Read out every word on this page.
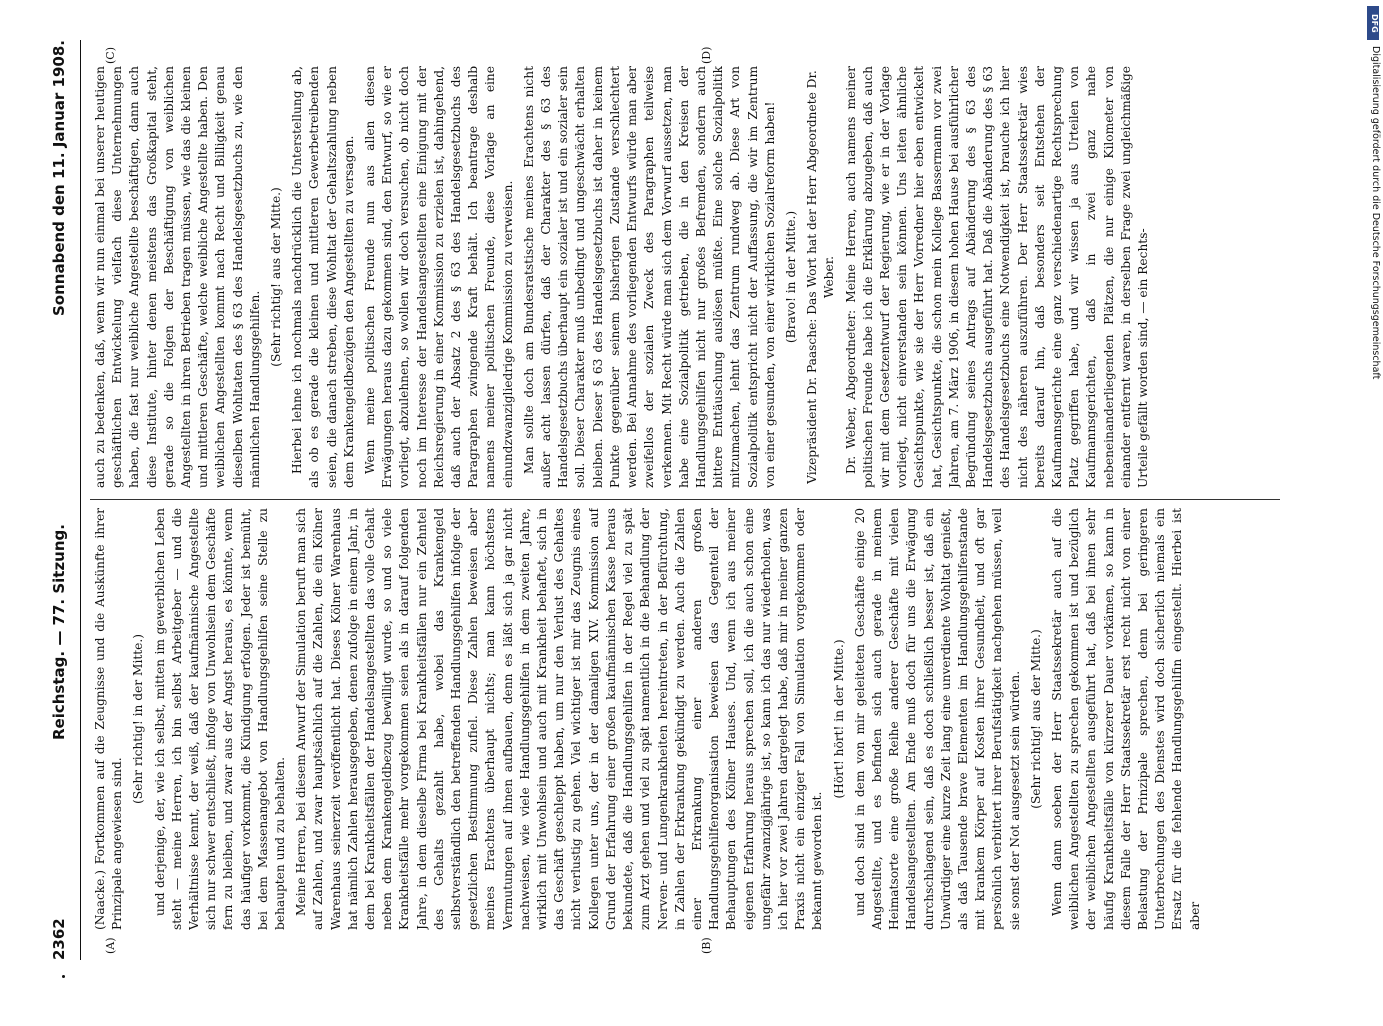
2362
Reichstag. — 77. Sitzung.
Sonnabend den 11. Januar 1908.
(A)	(B)
(C)	(D)

(Naacke.) Fortkommen auf die Zeugnisse und die Auskünfte ihrer Prinzipale angewiesen sind.

(Sehr richtig! in der Mitte.) und derjenige, der, wie ich selbst, mitten im gewerblichen Leben steht — meine Herren, ich bin selbst Arbeitgeber — und die Verhältnisse kennt, der weiß, daß der kaufmännische Angestellte sich nur schwer entschließt, infolge von Unwohlsein dem Geschäfte fern zu bleiben, und zwar aus der Angst heraus, es könnte, wenn das häufiger vorkommt, die Kündigung erfolgen. Jeder ist bemüht, bei dem Massenangebot von Handlungsgehilfen seine Stelle zu behaupten und zu behalten. Meine Herren, bei diesem Anwurf der Simulation beruft man sich auf Zahlen, und zwar hauptsächlich auf die Zahlen, die ein Kölner Warenhaus seinerzeit veröffentlicht hat. Dieses Kölner Warenhaus hat nämlich Zahlen herausgegeben, denen zufolge in einem Jahr, in dem bei Krankheitsfällen der Handelsangestellten das volle Gehalt neben dem Krankengeldbezug bewilligt wurde, so und so viele Krankheitsfälle mehr vorgekommen seien als in darauf folgenden Jahre, in dem dieselbe Firma bei Krankheitsfällen nur ein Zehntel des Gehalts gezahlt habe, wobei das Krankengeld selbstverständlich den betreffenden Handlungsgehilfen infolge der gesetzlichen Bestimmung zufiel. Diese Zahlen beweisen aber meines Erachtens überhaupt nichts; man kann höchstens Vermutungen auf ihnen aufbauen, denn es läßt sich ja gar nicht nachweisen, wie viele Handlungsgehilfen in dem zweiten Jahre, wirklich mit Unwohlsein und auch mit Krankheit behaftet, sich in das Geschäft geschleppt haben, um nur den Verlust des Gehaltes nicht verlustig zu gehen. Viel wichtiger ist mir das Zeugnis eines Kollegen unter uns, der in der damaligen XIV. Kommission auf Grund der Erfahrung einer großen kaufmännischen Kasse heraus bekundete, daß die Handlungsgehilfen in der Regel viel zu spät zum Arzt gehen und viel zu spät namentlich in die Behandlung der Nerven- und Lungenkrankheiten hereintreten, in der Befürchtung, in Zahlen der Erkrankung gekündigt zu werden. Auch die Zahlen einer Erkrankung einer anderen großen Handlungsgehilfenorganisation beweisen das Gegenteil der Behauptungen des Kölner Hauses. Und, wenn ich aus meiner eigenen Erfahrung heraus sprechen soll, ich die auch schon eine ungefähr zwanzigjährige ist, so kann ich das nur wiederholen, was ich hier vor zwei Jahren dargelegt habe, daß mir in meiner ganzen Praxis nicht ein einziger Fall von Simulation vorgekommen oder bekannt geworden ist.

(Hört! hört! in der Mitte.) und doch sind in dem von mir geleiteten Geschäfte einige 20 Angestellte, und es befinden sich auch gerade in meinem Heimatsorte eine große Reihe anderer Geschäfte mit vielen Handelsangestellten. Am Ende muß doch für uns die Erwägung durchschlagend sein, daß es doch schließlich besser ist, daß ein Unwürdiger eine kurze Zeit lang eine unverdiente Wohltat genießt, als daß Tausende brave Elementen im Handlungsgehilfenstande mit krankem Körper auf Kosten ihrer Gesundheit, und oft gar persönlich verbittert ihrer Berufstätigkeit nachgehen müssen, weil sie sonst der Not ausgesetzt sein würden. (Sehr richtig! aus der Mitte.) Wenn dann soeben der Herr Staatssekretär auch auf die weiblichen Angestellten zu sprechen gekommen ist und bezüglich der weiblichen Angestellten ausgeführt hat, daß bei ihnen sehr häufig Krankheitsfälle von kürzerer Dauer vorkämen, so kann in diesem Falle der Herr Staatssekretär erst recht nicht von einer Belastung der Prinzipale sprechen, denn bei geringeren Unterbrechungen des Dienstes wird doch sicherlich niemals ein Ersatz für die fehlende Handlungsgehilfin eingestellt. Hierbei ist aber

auch zu bedenken, daß, wenn wir nun einmal bei unserer heutigen geschäftlichen Entwickelung vielfach diese Unternehmungen haben, die fast nur weibliche Angestellte beschäftigen, dann auch diese Institute, hinter denen meistens das Großkapital steht, gerade so die Folgen der Beschäftigung von weiblichen Angestellten in ihren Betrieben tragen müssen, wie das die kleinen und mittleren Geschäfte, welche weibliche Angestellte haben. Den weiblichen Angestellten kommt nach Recht und Billigkeit genau dieselben Wohltaten des § 63 des Handelsgesetzbuchs zu, wie den männlichen Handlungsgehilfen.

(Sehr richtig! aus der Mitte.) Hierbei lehne ich nochmals nachdrücklich die Unterstellung ab, als ob es gerade die kleinen und mittleren Gewerbetreibenden seien, die danach streben, diese Wohltat der Gehaltszahlung neben dem Krankengeldbezügen den Angestellten zu versagen. Wenn meine politischen Freunde nun aus allen diesen Erwägungen heraus dazu gekommen sind, den Entwurf, so wie er vorliegt, abzulehnen, so wollen wir doch versuchen, ob nicht doch noch im Interesse der Handelsangestellten eine Einigung mit der Reichsregierung in einer Kommission zu erzielen ist, dahingehend, daß auch der Absatz 2 des § 63 des Handelsgesetzbuchs des Paragraphen zwingende Kraft behält. Ich beantrage deshalb namens meiner politischen Freunde, diese Vorlage an eine einundzwanzigliedrige Kommission zu verweisen. Man sollte doch am Bundesratstische meines Erachtens nicht außer acht lassen dürfen, daß der Charakter des § 63 des Handelsgesetzbuchs überhaupt ein sozialer ist und ein sozialer sein soll. Dieser Charakter muß unbedingt und ungeschwächt erhalten bleiben. Dieser § 63 des Handelsgesetzbuchs ist daher in keinem Punkte gegenüber seinem bisherigen Zustande verschlechtert werden. Bei Annahme des vorliegenden Entwurfs würde man aber zweifellos der sozialen Zweck des Paragraphen teilweise verkennen. Mit Recht würde man sich dem Vorwurf aussetzen, man habe eine Sozialpolitik getrieben, die in den Kreisen der Handlungsgehilfen nicht nur großes Befremden, sondern auch bittere Enttäuschung auslösen müßte. Eine solche Sozialpolitik mitzumachen, lehnt das Zentrum rundweg ab. Diese Art von Sozialpolitik entspricht nicht der Auffassung, die wir im Zentrum von einer gesunden, von einer wirklichen Sozialreform haben! (Bravo! in der Mitte.) Vizepräsident Dr. Paasche: Das Wort hat der Herr Abgeordnete Dr. Weber. Dr. Weber, Abgeordneter: Meine Herren, auch namens meiner politischen Freunde habe ich die Erklärung abzugeben, daß auch wir mit dem Gesetzentwurf der Regierung, wie er in der Vorlage vorliegt, nicht einverstanden sein können. Uns leiten ähnliche Gesichtspunkte, wie sie der Herr Vorredner hier eben entwickelt hat, Gesichtspunkte, die schon mein Kollege Bassermann vor zwei Jahren, am 7. März 1906, in diesem hohen Hause bei ausführlicher Begründung seines Antrags auf Abänderung des § 63 des Handelsgesetzbuchs ausgeführt hat. Daß die Abänderung des § 63 des Handelsgesetzbuchs eine Notwendigkeit ist, brauche ich hier nicht des näheren auszuführen. Der Herr Staatssekretär wies bereits darauf hin, daß besonders seit Entstehen der Kaufmannsgerichte eine ganz verschiedenartige Rechtsprechung Platz gegriffen habe, und wir wissen ja aus Urteilen von Kaufmannsgerichten, daß in zwei ganz nahe nebeneinanderliegenden Plätzen, die nur einige Kilometer von einander entfernt waren, in derselben Frage zwei ungleichmäßige Urteile gefällt worden sind, — ein Rechts-

DFG
Digitalisierung gefördert durch die Deutsche Forschungsgemeinschaft
